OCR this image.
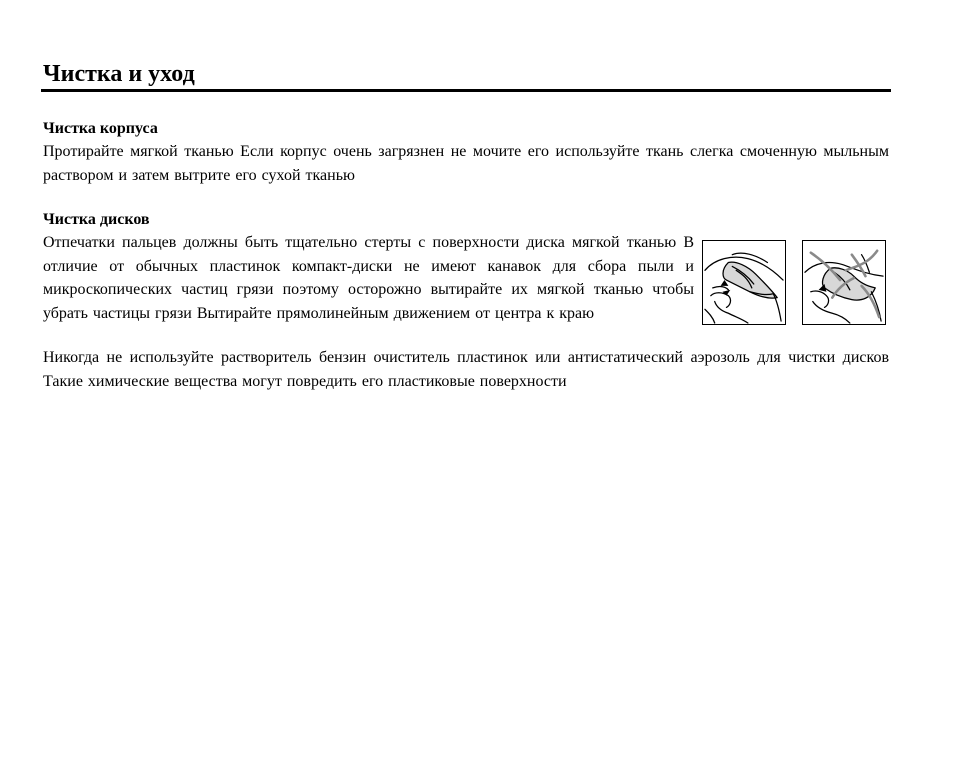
Чистка и уход
Чистка корпуса

Протирайте мягкой тканью Если корпус очень загрязнен не мочите его используйте ткань слегка смоченную мыльным раствором и затем вытрите его сухой тканью

Чистка дисков

Отпечатки пальцев должны быть тщательно стерты с поверхности диска мягкой тканью В отличие от обычных пластинок компакт-диски не имеют канавок для сбора пыли и микроскопических частиц грязи поэтому осторожно вытирайте их мягкой тканью чтобы убрать частицы грязи Вытирайте прямолинейным движением от центра к краю

Никогда не используйте растворитель бензин очиститель пластинок или антистатический аэрозоль для чистки дисков Такие химические вещества могут повредить его пластиковые поверхности
